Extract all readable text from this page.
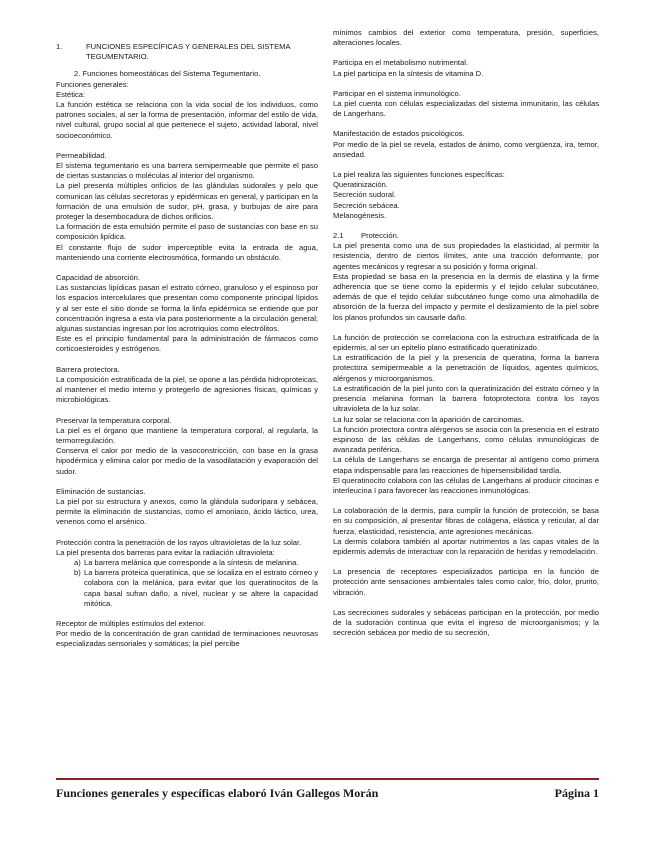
1.	FUNCIONES ESPECÍFICAS Y GENERALES DEL SISTEMA TEGUMENTARIO.
2. Funciones homeostáticas del Sistema Tegumentario.

Funciones generales:

Estética:

La función estética se relaciona con la vida social de los individuos, como patrones sociales, al ser la forma de presentación, informar del estilo de vida, nivel cultural, grupo social al que pertenece el sujeto, actividad laboral, nivel socioeconómico.

Permeabilidad.

El sistema tegumentario es una barrera semipermeable que permite el paso de ciertas sustancias o moléculas al interior del organismo.

La piel presenta múltiples orificios de las glándulas sudorales y pelo que comunican las células secretoras y epidérmicas en general, y participan en la formación de una emulsión de sudor, pH, grasa, y burbujas de aire para proteger la desembocadura de dichos orificios.

La formación de esta emulsión permite el paso de sustancias con base en su composición lipídica.

El constante flujo de sudor imperceptible evita la entrada de agua, manteniendo una corriente electrosmótica, formando un obstáculo.

Capacidad de absorción.

Las sustancias lipídicas pasan el estrato córneo, granuloso y el espinoso por los espacios intercelulares que presentan como componente principal lípidos y al ser este el sitio donde se forma la linfa epidérmica se entiende que por concentración ingresa a esta vía para posteriormente a la circulación general; algunas sustancias ingresan por los acrotriquios como electrólitos.

Este es el principio fundamental para la administración de fármacos como corticoesteroides y estrógenos.

Barrera protectora.

La composición estratificada de la piel, se opone a las pérdida hidroproteicas, al mantener el medio interno y protegerlo de agresiones físicas, químicas y microbiológicas.

Preservar la temperatura corporal.

La piel es el órgano que mantiene la temperatura corporal, al regularla, la termorregulación.

Conserva el calor por medio de la vasoconstricción, con base en la grasa hipodérmica y elimina calor por medio de la vasodilatación y evaporación del sudor.

Eliminación de sustancias.

La piel por su estructura y anexos, como la glándula sudorípara y sebácea, permite la eliminación de sustancias, como el amoniaco, ácido láctico, urea, venenos como el arsénico.

Protección contra la penetración de los rayos ultravioletas de la luz solar.

La piel presenta dos barreras para evitar la radiación ultravioleta:

a) La barrera melánica que corresponde a la síntesis de melanina.
b) La barrera proteica queratínica, que se localiza en el estrato córneo y colabora con la melánica, para evitar que los queratinocitos de la capa basal sufran daño, a nivel, nuclear y se altere la capacidad mitótica.

Receptor de múltiples estímulos del exterior.

Por medio de la concentración de gran cantidad de terminaciones neuvrosas especializadas sensoriales y somáticas; la piel percibe

mínimos cambios del exterior como temperatura, presión, superficies, alteraciones locales.

Participa en el metabolismo nutrimental.

La piel participa en la síntesis de vitamina D.

Participar en el sistema inmunológico.

La piel cuenta con células especializadas del sistema inmunitario, las células de Langerhans.

Manifestación de estados psicológicos.

Por medio de la piel se revela, estados de ánimo, como vergüenza, ira, temor, ansiedad.

La piel realiza las siguientes funciones específicas:

Queratinización.

Secreción sudoral.

Secreción sebácea.

Melanogénesis.

2.1	Protección.

La piel presenta como una de sus propiedades la elasticidad, al permitir la resistencia, dentro de ciertos límites, ante una tracción deformante, por agentes mecánicos y regresar a su posición y forma original.

Esta propiedad se basa en la presencia en la dermis de elastina y la firme adherencia que se tiene como la epidermis y el tejido celular subcutáneo, además de que el tejido celular subcutáneo funge como una almohadilla de absorción de la fuerza del impacto y permite el deslizamiento de la piel sobre los planos profundos sin causarle daño.

La función de protección se correlaciona con la estructura estratificada de la epidermis, al ser un epitelio plano estratificado queratinizado.

La estratificación de la piel y la presencia de queratina, forma la barrera protectora semipermeable a la penetración de líquidos, agentes químicos, alérgenos y microorganismos.

La estratificación de la piel junto con la queratinización del estrato córneo y la presencia melanina forman la barrera fotoprotectora contra los rayos ultravioleta de la luz solar.

La luz solar se relaciona con la aparición de carcinomas.

La función protectora contra alérgenos se asocia con la presencia en el estrato espinoso de las células de Langerhans, como células inmunológicas de avanzada periférica.

La célula de Langerhans se encarga de presentar al antígeno como primera etapa indispensable para las reacciones de hipersensibilidad tardía.

El queratinocito colabora con las células de Langerhans al producir citocinas e interleucina I para favorecer las reacciones inmunológicas.

La colaboración de la dermis, para cumplir la función de protección, se basa en su composición, al presentar fibras de colágena, elástica y reticular, al dar fuerza, elasticidad, resistencia, ante agresiones mecánicas.

La dermis colabora también al aportar nutrimentos a las capas vitales de la epidermis además de interactuar con la reparación de heridas y remodelación.

La presencia de receptores especializados participa en la función de protección ante sensaciones ambientales tales como calor, frío, dolor, prurito, vibración.

Las secreciones sudorales y sebáceas participan en la protección, por medio de la sudoración continua que evita el ingreso de microorganismos; y la secreción sebácea por medio de su secreción,

Funciones generales y específicas elaboró Iván Gallegos Morán	Página 1
